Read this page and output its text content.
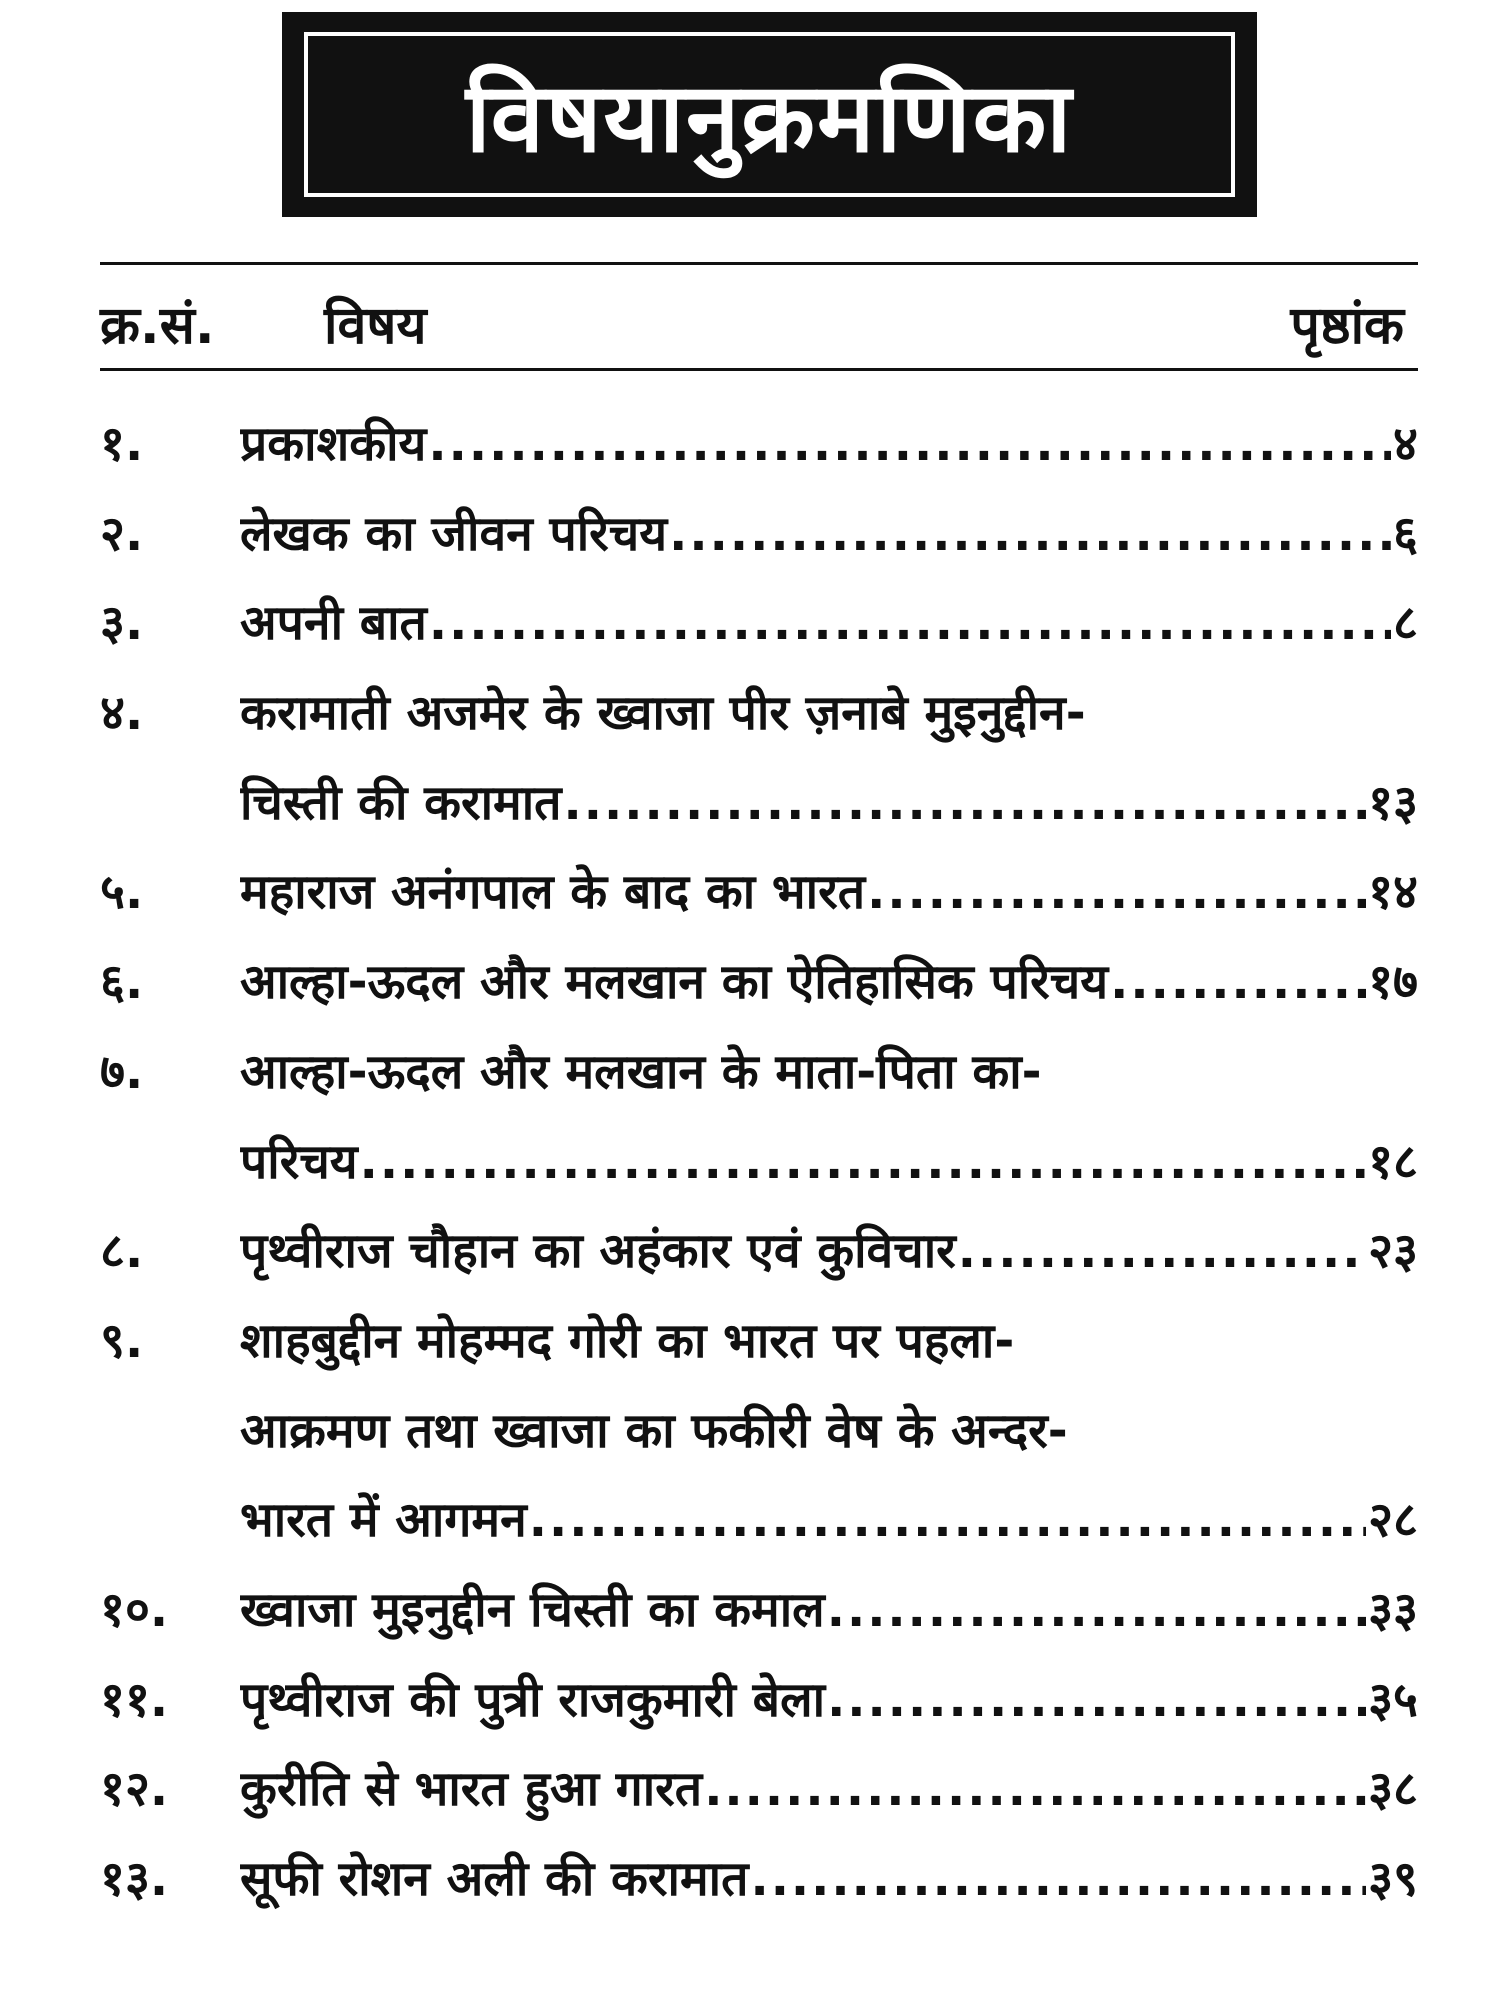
विषयानुक्रमणिका
क्र.सं. विषय	पृष्ठांक
१.	प्रकाशकीय .....	४
२.	लेखक का जीवन परिचय .....	६
३.	अपनी बात .....	८
४.	करामाती अजमेर के ख्वाजा पीर ज़नाबे मुइनुद्दीन-
चिस्ती की करामात .....	१३
५.	महाराज अनंगपाल के बाद का भारत .....	१४
६.	आल्हा-ऊदल और मलखान का ऐतिहासिक परिचय .....	१७
७.	आल्हा-ऊदल और मलखान के माता-पिता का-
परिचय .....	१८
८.	पृथ्वीराज चौहान का अहंकार एवं कुविचार .....	२३
९.	शाहबुद्दीन मोहम्मद गोरी का भारत पर पहला-
आक्रमण तथा ख्वाजा का फकीरी वेष के अन्दर-
भारत में आगमन .....	२८
१०.	ख्वाजा मुइनुद्दीन चिस्ती का कमाल .....	३३
११.	पृथ्वीराज की पुत्री राजकुमारी बेला .....	३५
१२.	कुरीति से भारत हुआ गारत .....	३८
१३.	सूफी रोशन अली की करामात .....	३९
